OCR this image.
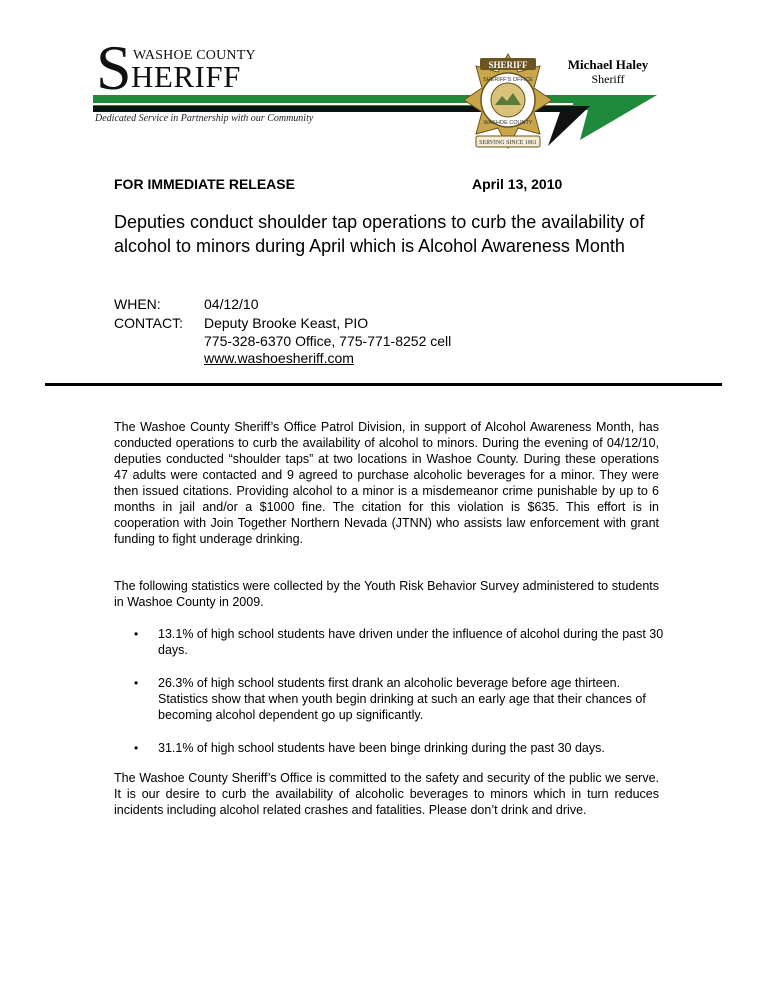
SHERIFF
SHERIFF'S OFFICE
WASHOE COUNTY
SERVING SINCE 1861
S WASHOE COUNTY
HERIFF
Dedicated Service in Partnership with our Community
Michael Haley
Sheriff
FOR IMMEDIATE RELEASE	April 13, 2010
Deputies conduct shoulder tap operations to curb the availability of alcohol to minors during April which is Alcohol Awareness Month
WHEN:	04/12/10
CONTACT: Deputy Brooke Keast, PIO
775-328-6370 Office, 775-771-8252 cell
www.washoesheriff.com
The Washoe County Sheriff’s Office Patrol Division, in support of Alcohol Awareness Month, has conducted operations to curb the availability of alcohol to minors. During the evening of 04/12/10, deputies conducted “shoulder taps” at two locations in Washoe County. During these operations 47 adults were contacted and 9 agreed to purchase alcoholic beverages for a minor. They were then issued citations. Providing alcohol to a minor is a misdemeanor crime punishable by up to 6 months in jail and/or a $1000 fine. The citation for this violation is $635. This effort is in cooperation with Join Together Northern Nevada (JTNN) who assists law enforcement with grant funding to fight underage drinking.
The following statistics were collected by the Youth Risk Behavior Survey administered to students in Washoe County in 2009.
• 13.1% of high school students have driven under the influence of alcohol during the past 30 days.
• 26.3% of high school students first drank an alcoholic beverage before age thirteen. Statistics show that when youth begin drinking at such an early age that their chances of becoming alcohol dependent go up significantly.
• 31.1% of high school students have been binge drinking during the past 30 days.
The Washoe County Sheriff’s Office is committed to the safety and security of the public we serve. It is our desire to curb the availability of alcoholic beverages to minors which in turn reduces incidents including alcohol related crashes and fatalities. Please don’t drink and drive.
